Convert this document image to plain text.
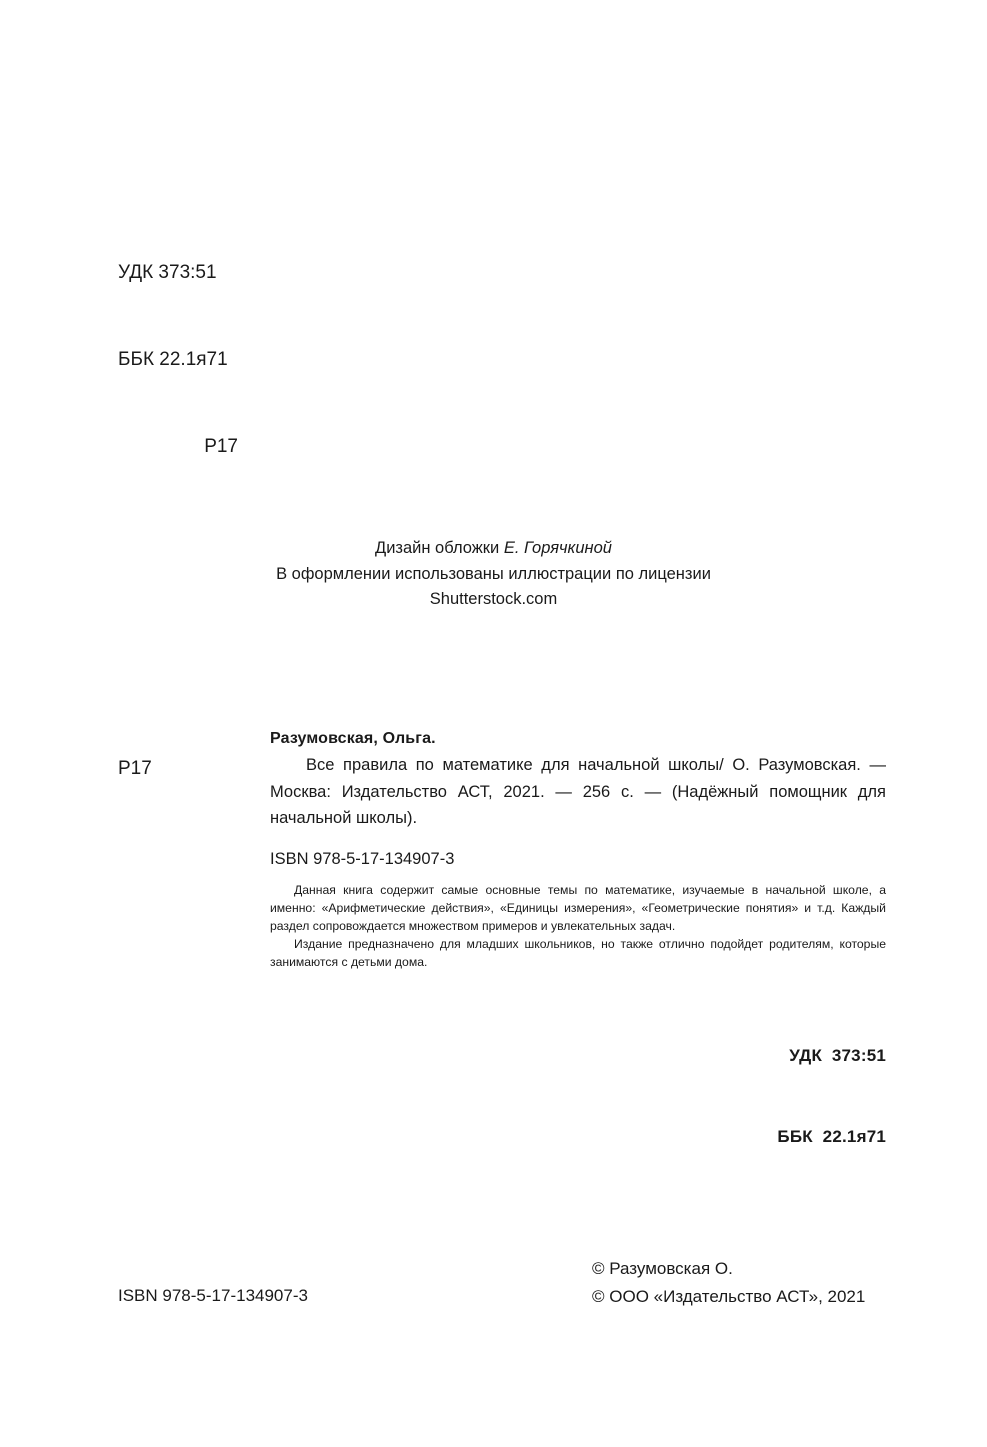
УДК 373:51

ББК 22.1я71

Р17

Дизайн обложки Е. Горячкиной
В оформлении использованы иллюстрации по лицензии
Shutterstock.com
Р17
Разумовская, Ольга.
Все правила по математике для начальной школы/ О. Разумовская. — Москва: Издательство АСТ, 2021. — 256 с. — (Надёжный помощник для начальной школы).
ISBN 978-5-17-134907-3

Данная книга содержит самые основные темы по математике, изучаемые в начальной школе, а именно: «Арифметические действия», «Единицы измерения», «Геометрические понятия» и т.д. Каждый раздел сопровождается множеством примеров и увлекательных задач.

Издание предназначено для младших школьников, но также отлично подойдет родителям, которые занимаются с детьми дома.

УДК  373:51

ББК  22.1я71

ISBN 978-5-17-134907-3
© Разумовская О.
© ООО «Издательство АСТ», 2021
